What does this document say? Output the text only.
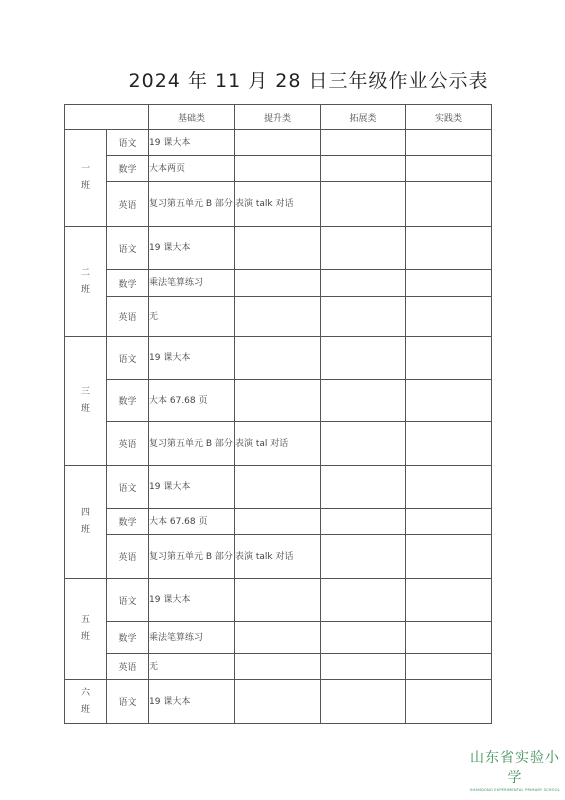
2024 年 11 月 28 日三年级作业公示表
		基础类	提升类	拓展类	实践类

一
班	语文	19 课大本			
	数学	大本两页			
	英语	复习第五单元 B 部分	表演 talk 对话		

二
班	语文	19 课大本			
	数学	乘法笔算练习			
	英语	无			

三
班	语文	19 课大本			
	数学	大本 67.68 页			
	英语	复习第五单元 B 部分	表演 tal 对话		

四
班	语文	19 课大本			
	数学	大本 67.68 页			
	英语	复习第五单元 B 部分	表演 talk 对话		

五
班	语文	19 课大本			
	数学	乘法笔算练习			
	英语	无			

六
班	语文	19 课大本			
山东省实验小学
SHANDONG EXPERIMENTAL PRIMARY SCHOOL
